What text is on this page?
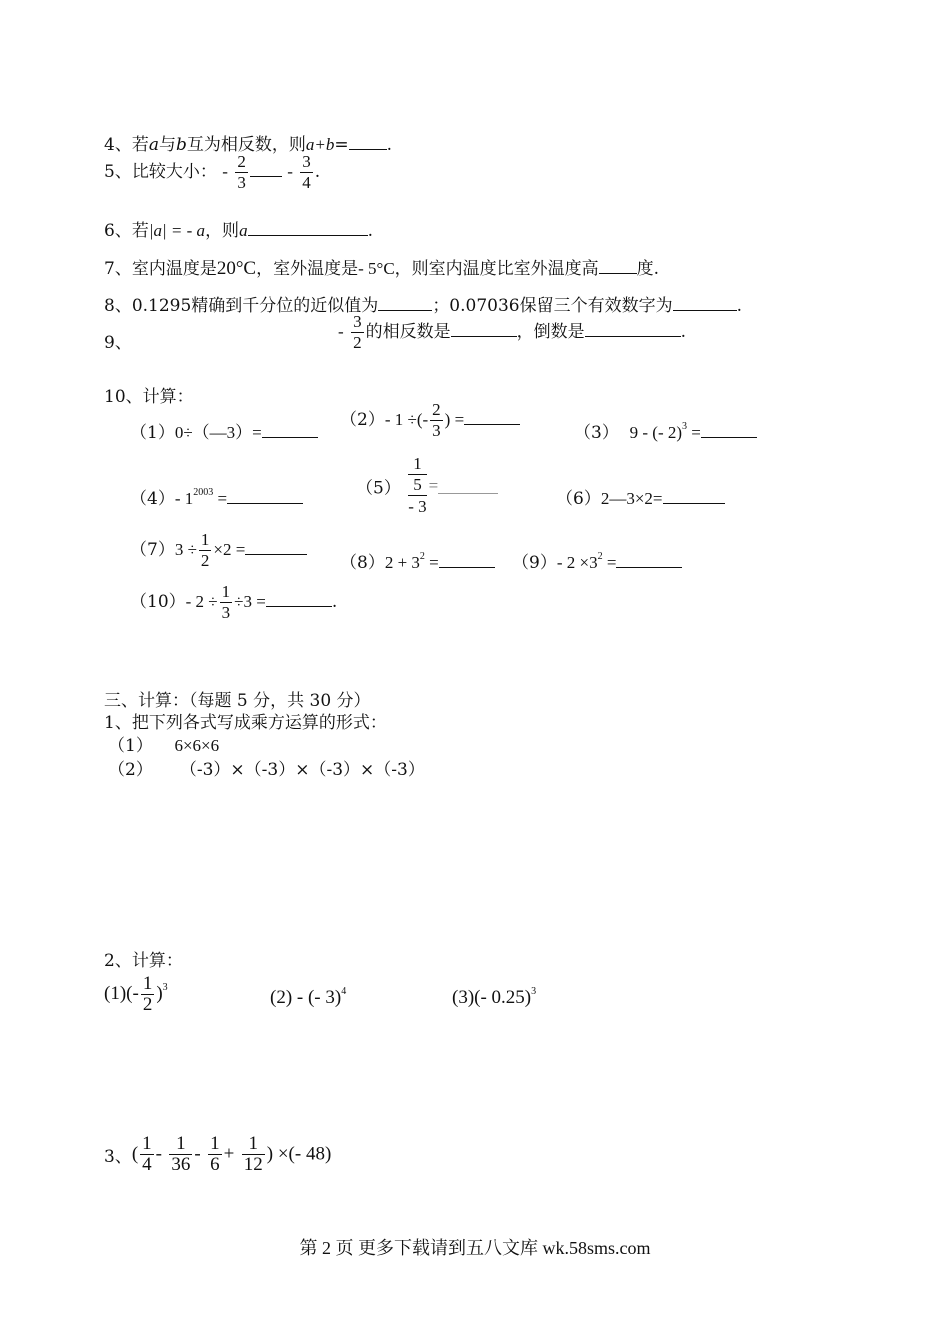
4、若a与b互为相反数，则a+b= .
5、比较大小： - $\frac{2}{3} - \frac{3}{4}$ .
6、若|a| = - a，则a	.
7、室内温度是20°C，室外温度是- 5°C，则室内温度比室外温度高 度.
8、0.1295精确到千分位的近似值为	；0.07036保留三个有效数字为	.
9、
- $\frac{3}{2}$ 的相反数是	，倒数是	.
10、计算：
（1）0÷（—3）=
（2）- 1 ÷(- $\frac{2}{3}$ ) =
（3） 9 - (- 2)$^3$ =
（4）- $1^{2003}$ =	（5）
1
5
- 3
=
（6）2—3×2=
$(7)3 \div \frac{1}{2} \times 2$ =
$(8)2 + 3^2$ =	（9）- $2 \times 3^2$ =
（10）- $2 \div \frac{1}{3} \div 3$ =	.
三、计算：（每题 5 分，共 30 分）
1、把下列各式写成乘方运算的形式：
（1） 6×6×6
（2） （-3）×（-3）×（-3）×（-3）
2、计算：
$(1)(- \frac{1}{2} )^3$	(2) - (- 3)$^4$	(3)(- 0.25)$^3$
3、( $\frac{1}{4} - \frac{1}{36} - \frac{1}{6} + \frac{1}{12}$ ) ×(- 48)
第 2 页 更多下载请到五八文库 wk.58sms.com
